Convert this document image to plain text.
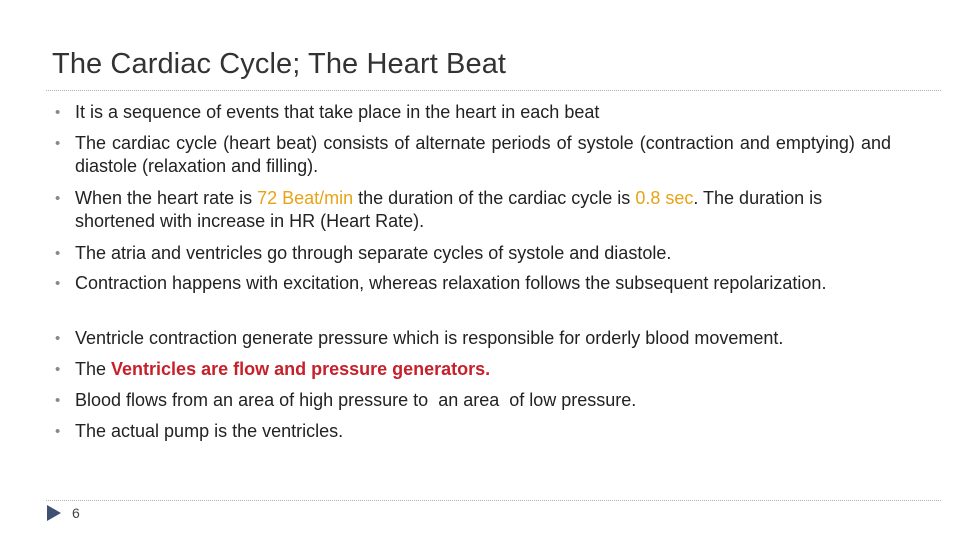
The Cardiac Cycle; The Heart Beat
• It is a sequence of events that take place in the heart in each beat
• The cardiac cycle (heart beat) consists of alternate periods of systole (contraction and emptying) and diastole (relaxation and filling).
• When the heart rate is 72 Beat/min the duration of the cardiac cycle is 0.8 sec. The duration is shortened with increase in HR (Heart Rate).
• The atria and ventricles go through separate cycles of systole and diastole.
• Contraction happens with excitation, whereas relaxation follows the subsequent repolarization.
• Ventricle contraction generate pressure which is responsible for orderly blood movement.
• The Ventricles are flow and pressure generators.
• Blood flows from an area of high pressure to  an area  of low pressure.
• The actual pump is the ventricles.
6
